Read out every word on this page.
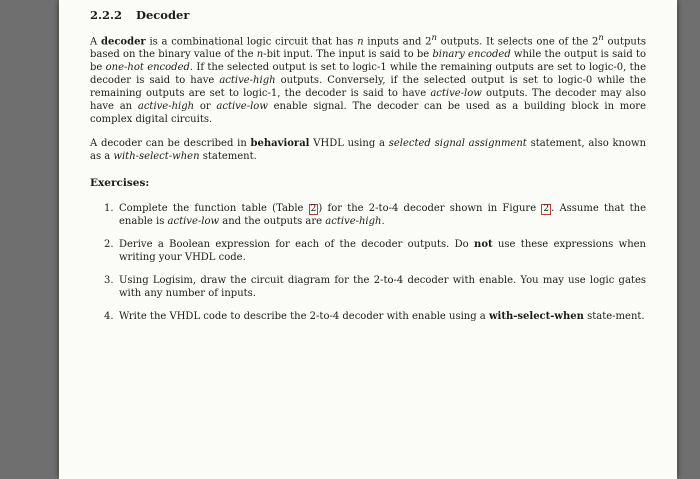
2.2.2 Decoder

A decoder is a combinational logic circuit that has n inputs and 2$^n$ outputs. It selects one of the 2$^n$ outputs based on the binary value of the n-bit input. The input is said to be binary encoded while the output is said to be one-hot encoded. If the selected output is set to logic-1 while the remaining outputs are set to logic-0, the decoder is said to have active-high outputs. Conversely, if the selected output is set to logic-0 while the remaining outputs are set to logic-1, the decoder is said to have active-low outputs. The decoder may also have an active-high or active-low enable signal. The decoder can be used as a building block in more complex digital circuits.

A decoder can be described in behavioral VHDL using a selected signal assignment statement, also known as a with-select-when statement.

Exercises:
1. Complete the function table (Table 2 ) for the 2-to-4 decoder shown in Figure 2 . Assume that the enable is active-low and the outputs are active-high.
2. Derive a Boolean expression for each of the decoder outputs. Do not use these expressions when writing your VHDL code.
3. Using Logisim, draw the circuit diagram for the 2-to-4 decoder with enable. You may use logic gates with any number of inputs.
4. Write the VHDL code to describe the 2-to-4 decoder with enable using a with-select-when state-ment.
